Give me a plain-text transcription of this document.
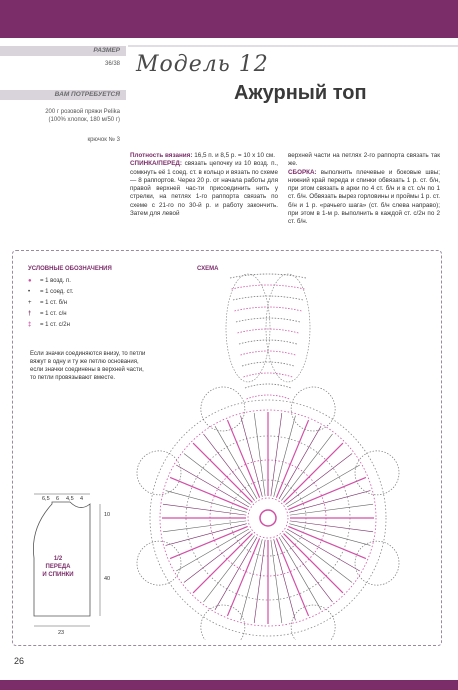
РАЗМЕР
36/38
ВАМ ПОТРЕБУЕТСЯ
200 г розовой пряжи Pelika
(100% хлопок, 180 м/50 г)
крючок № 3
Модель 12
Ажурный топ
Плотность вязания: 16,5 п. и 8,5 р. = 10 х 10 см.
СПИНКА/ПЕРЕД: связать цепочку из 10 возд. п., сомкнуть её 1 соед. ст. в кольцо и вязать по схеме — 8 раппортов. Через 20 р. от начала работы для правой верхней час-ти присоединить нить у стрелки, на петлях 1-го раппорта связать по схеме с 21-го по 30-й р. и работу закончить. Затем для левой
верхней части на петлях 2-го раппорта связать так же.
СБОРКА: выполнить плечевые и боковые швы; нижний край переда и спинки обвязать 1 р. ст. б/н, при этом связать в арки по 4 ст. б/н и в ст. с/н по 1 ст. б/н. Обвязать вырез горловины и проймы 1 р. ст. б/н и 1 р. «рачьего шага» (ст. б/н слева направо); при этом в 1-м р. выполнить в каждой ст. с/2н по 2 ст. б/н.
УСЛОВНЫЕ ОБОЗНАЧЕНИЯ
● = 1 возд. п.
• = 1 соед. ст.
+ = 1 ст. б/н
† = 1 ст. с/н
‡ = 1 ст. с/2н
Если значки соединяются внизу, то петли вяжут в одну и ту же петлю основания, если значки соединены в верхней части, то петли провязывают вместе.
СХЕМА
6,5 6 4,5 4
1/2
ПЕРЕДА
И СПИНКИ
10
40
23
26
